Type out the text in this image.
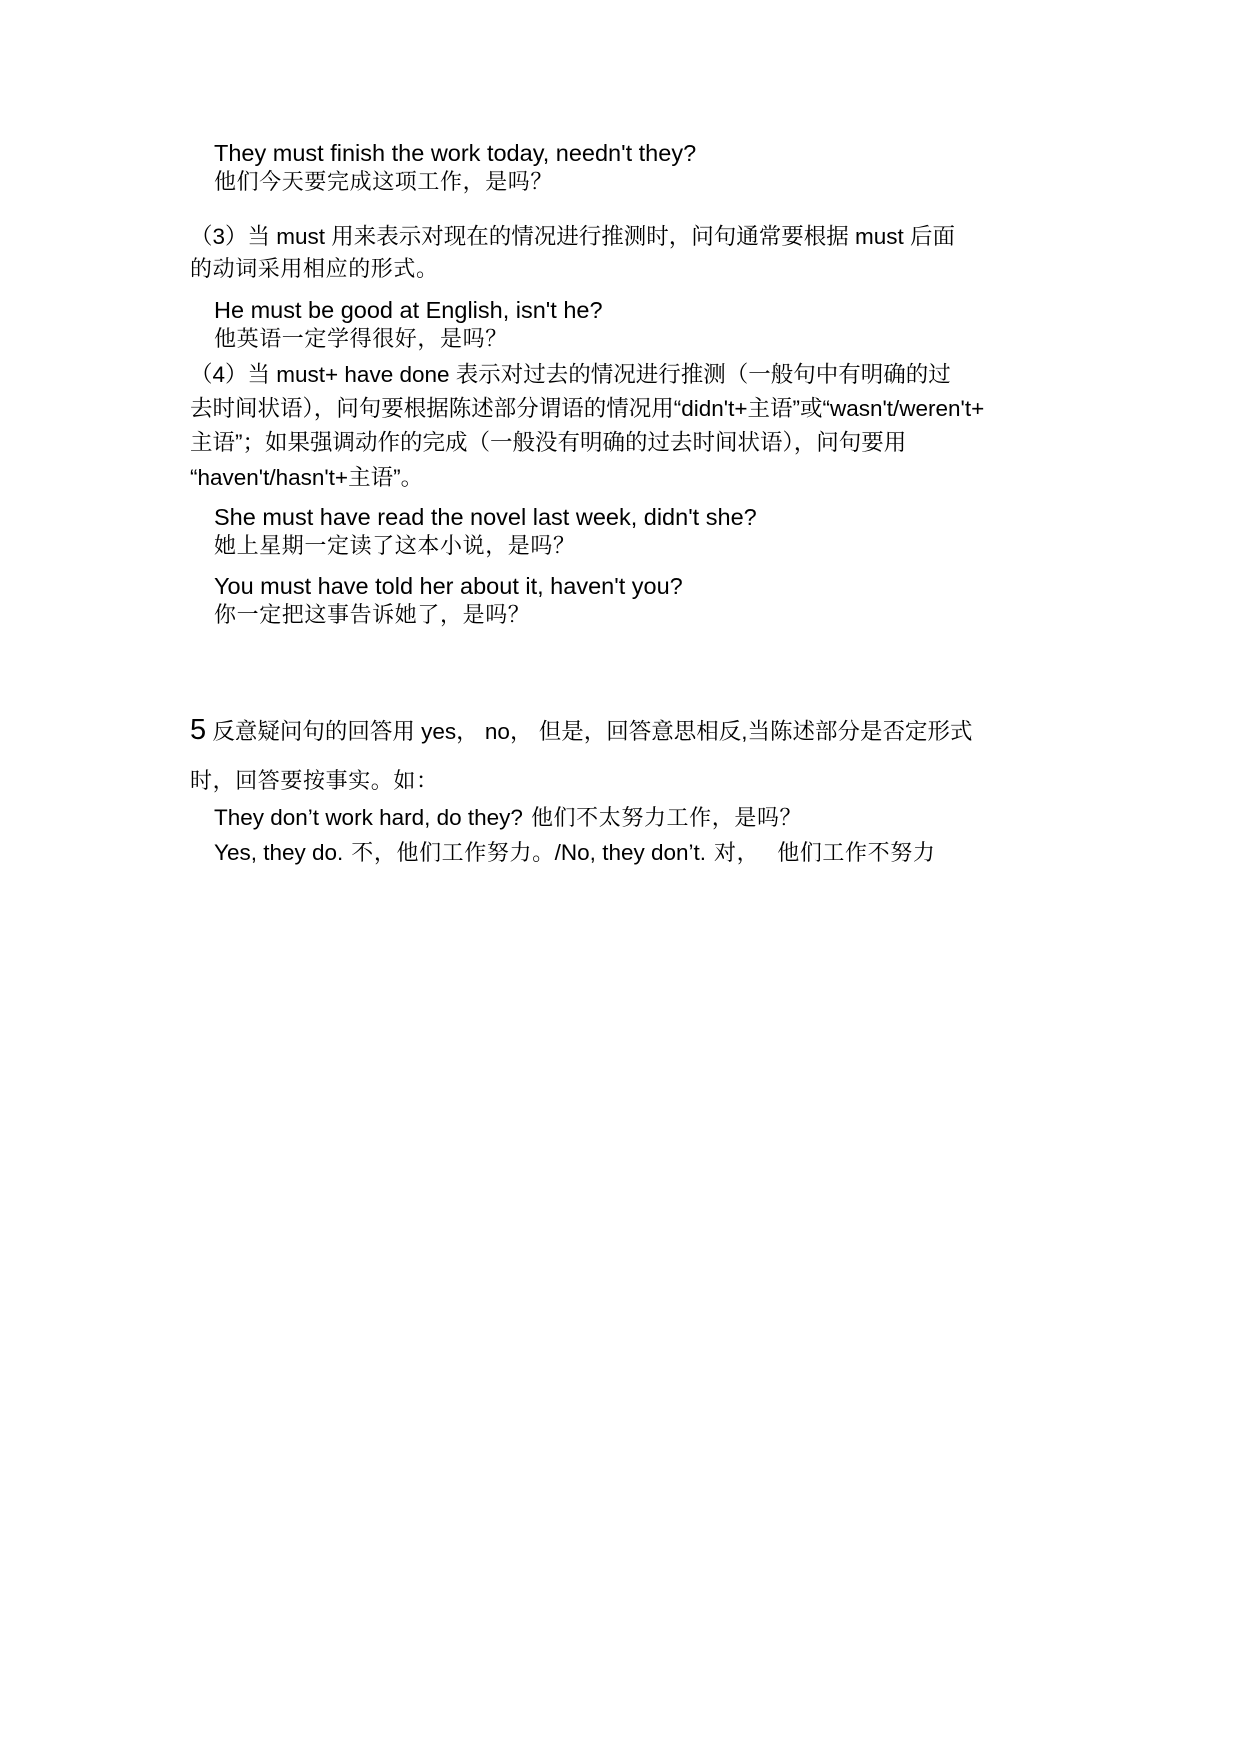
They must finish the work today, needn't they?
他们今天要完成这项工作，是吗？
（3）当 must 用来表示对现在的情况进行推测时，问句通常要根据 must 后面
的动词采用相应的形式。
He must be good at English, isn't he?
他英语一定学得很好，是吗？
（4）当 must+ have done 表示对过去的情况进行推测（一般句中有明确的过
去时间状语），问句要根据陈述部分谓语的情况用“didn't+主语”或“wasn't/weren't+
主语”；如果强调动作的完成（一般没有明确的过去时间状语），问句要用
“haven't/hasn't+主语”。
She must have read the novel last week, didn't she?
她上星期一定读了这本小说，是吗？
You must have told her about it, haven't you?
你一定把这事告诉她了，是吗？
5 反意疑问句的回答用 yes， no， 但是，回答意思相反,当陈述部分是否定形式
时，回答要按事实。如：
They don’t work hard, do they? 他们不太努力工作，是吗？
Yes, they do. 不，他们工作努力。/No, they don’t. 对， 他们工作不努力
